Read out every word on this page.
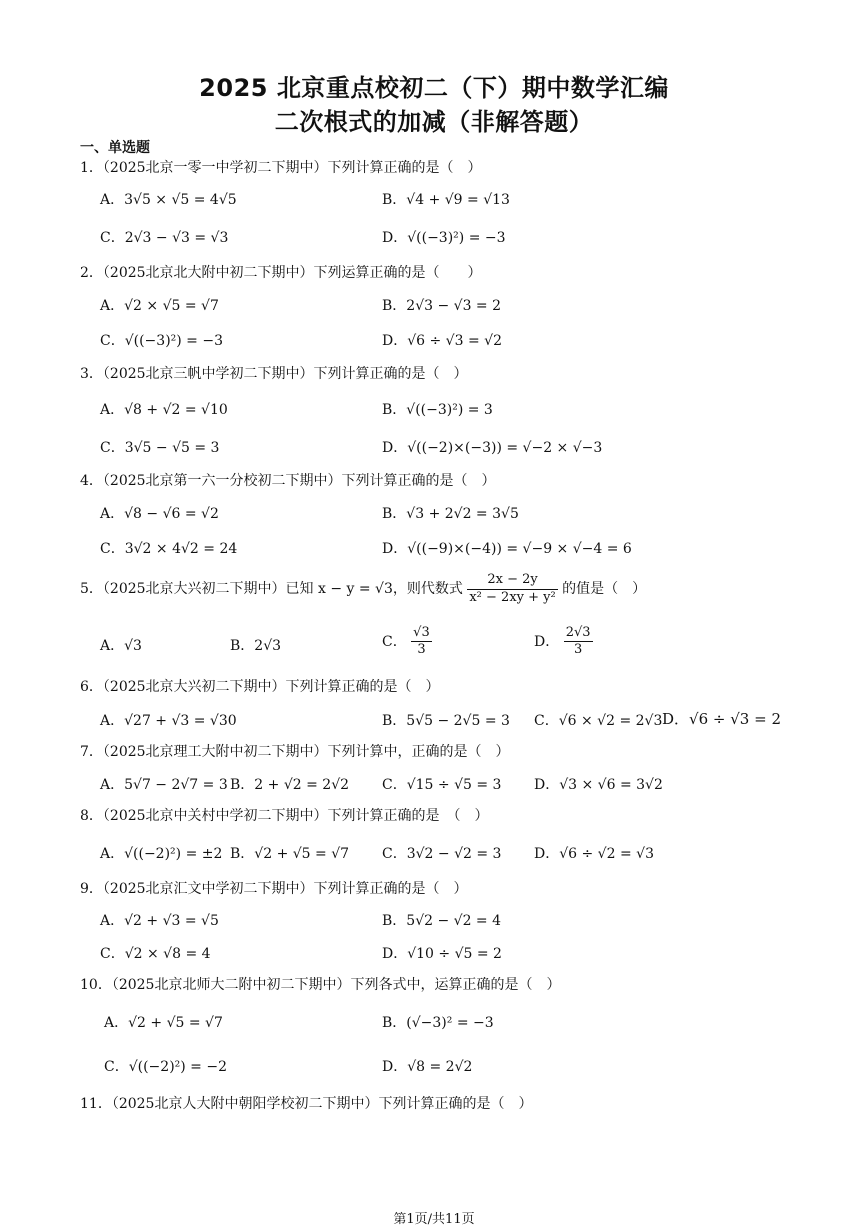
2025 北京重点校初二（下）期中数学汇编
二次根式的加减（非解答题）
一、单选题
1．（2025北京一零一中学初二下期中）下列计算正确的是（　）
A．3√5 × √5 = 4√5	B．√4 + √9 = √13
C．2√3 − √3 = √3	D．√((−3)²) = −3
2．（2025北京北大附中初二下期中）下列运算正确的是（　　）
A．√2 × √5 = √7	B．2√3 − √3 = 2
C．√((−3)²) = −3	D．√6 ÷ √3 = √2
3．（2025北京三帆中学初二下期中）下列计算正确的是（　）
A．√8 + √2 = √10	B．√((−3)²) = 3
C．3√5 − √5 = 3	D．√((−2)×(−3)) = √−2 × √−3
4．（2025北京第一六一分校初二下期中）下列计算正确的是（　）
A．√8 − √6 = √2	B．√3 + 2√2 = 3√5
C．3√2 × 4√2 = 24	D．√((−9)×(−4)) = √−9 × √−4 = 6
5．（2025北京大兴初二下期中）已知 x − y = √3，则代数式 $\frac{2x - 2y}{\text{x² − 2xy + y²}}$ 的值是（　）
A．√3	B．2√3	C． $\frac{√3}{3}$	D． $\frac{2√3}{3}$
6．（2025北京大兴初二下期中）下列计算正确的是（　）
A．√27 + √3 = √30	B．5√5 − 2√5 = 3 C．√6 × √2 = 2√3 D．√6 ÷ √3 = 2
7．（2025北京理工大附中初二下期中）下列计算中，正确的是（　）
A．5√7 − 2√7 = 3 B．2 + √2 = 2√2 C．√15 ÷ √5 = 3 D．√3 × √6 = 3√2
8．（2025北京中关村中学初二下期中）下列计算正确的是　（　）
A．√((−2)²) = ±2 B．√2 + √5 = √7 C．3√2 − √2 = 3 D．√6 ÷ √2 = √3
9．（2025北京汇文中学初二下期中）下列计算正确的是（　）
A．√2 + √3 = √5	B．5√2 − √2 = 4
C．√2 × √8 = 4	D．√10 ÷ √5 = 2
10．（2025北京北师大二附中初二下期中）下列各式中，运算正确的是（　）
A．√2 + √5 = √7	B．(√−3)² = −3
C．√((−2)²) = −2	D．√8 = 2√2
11．（2025北京人大附中朝阳学校初二下期中）下列计算正确的是（　）
第1页/共11页
